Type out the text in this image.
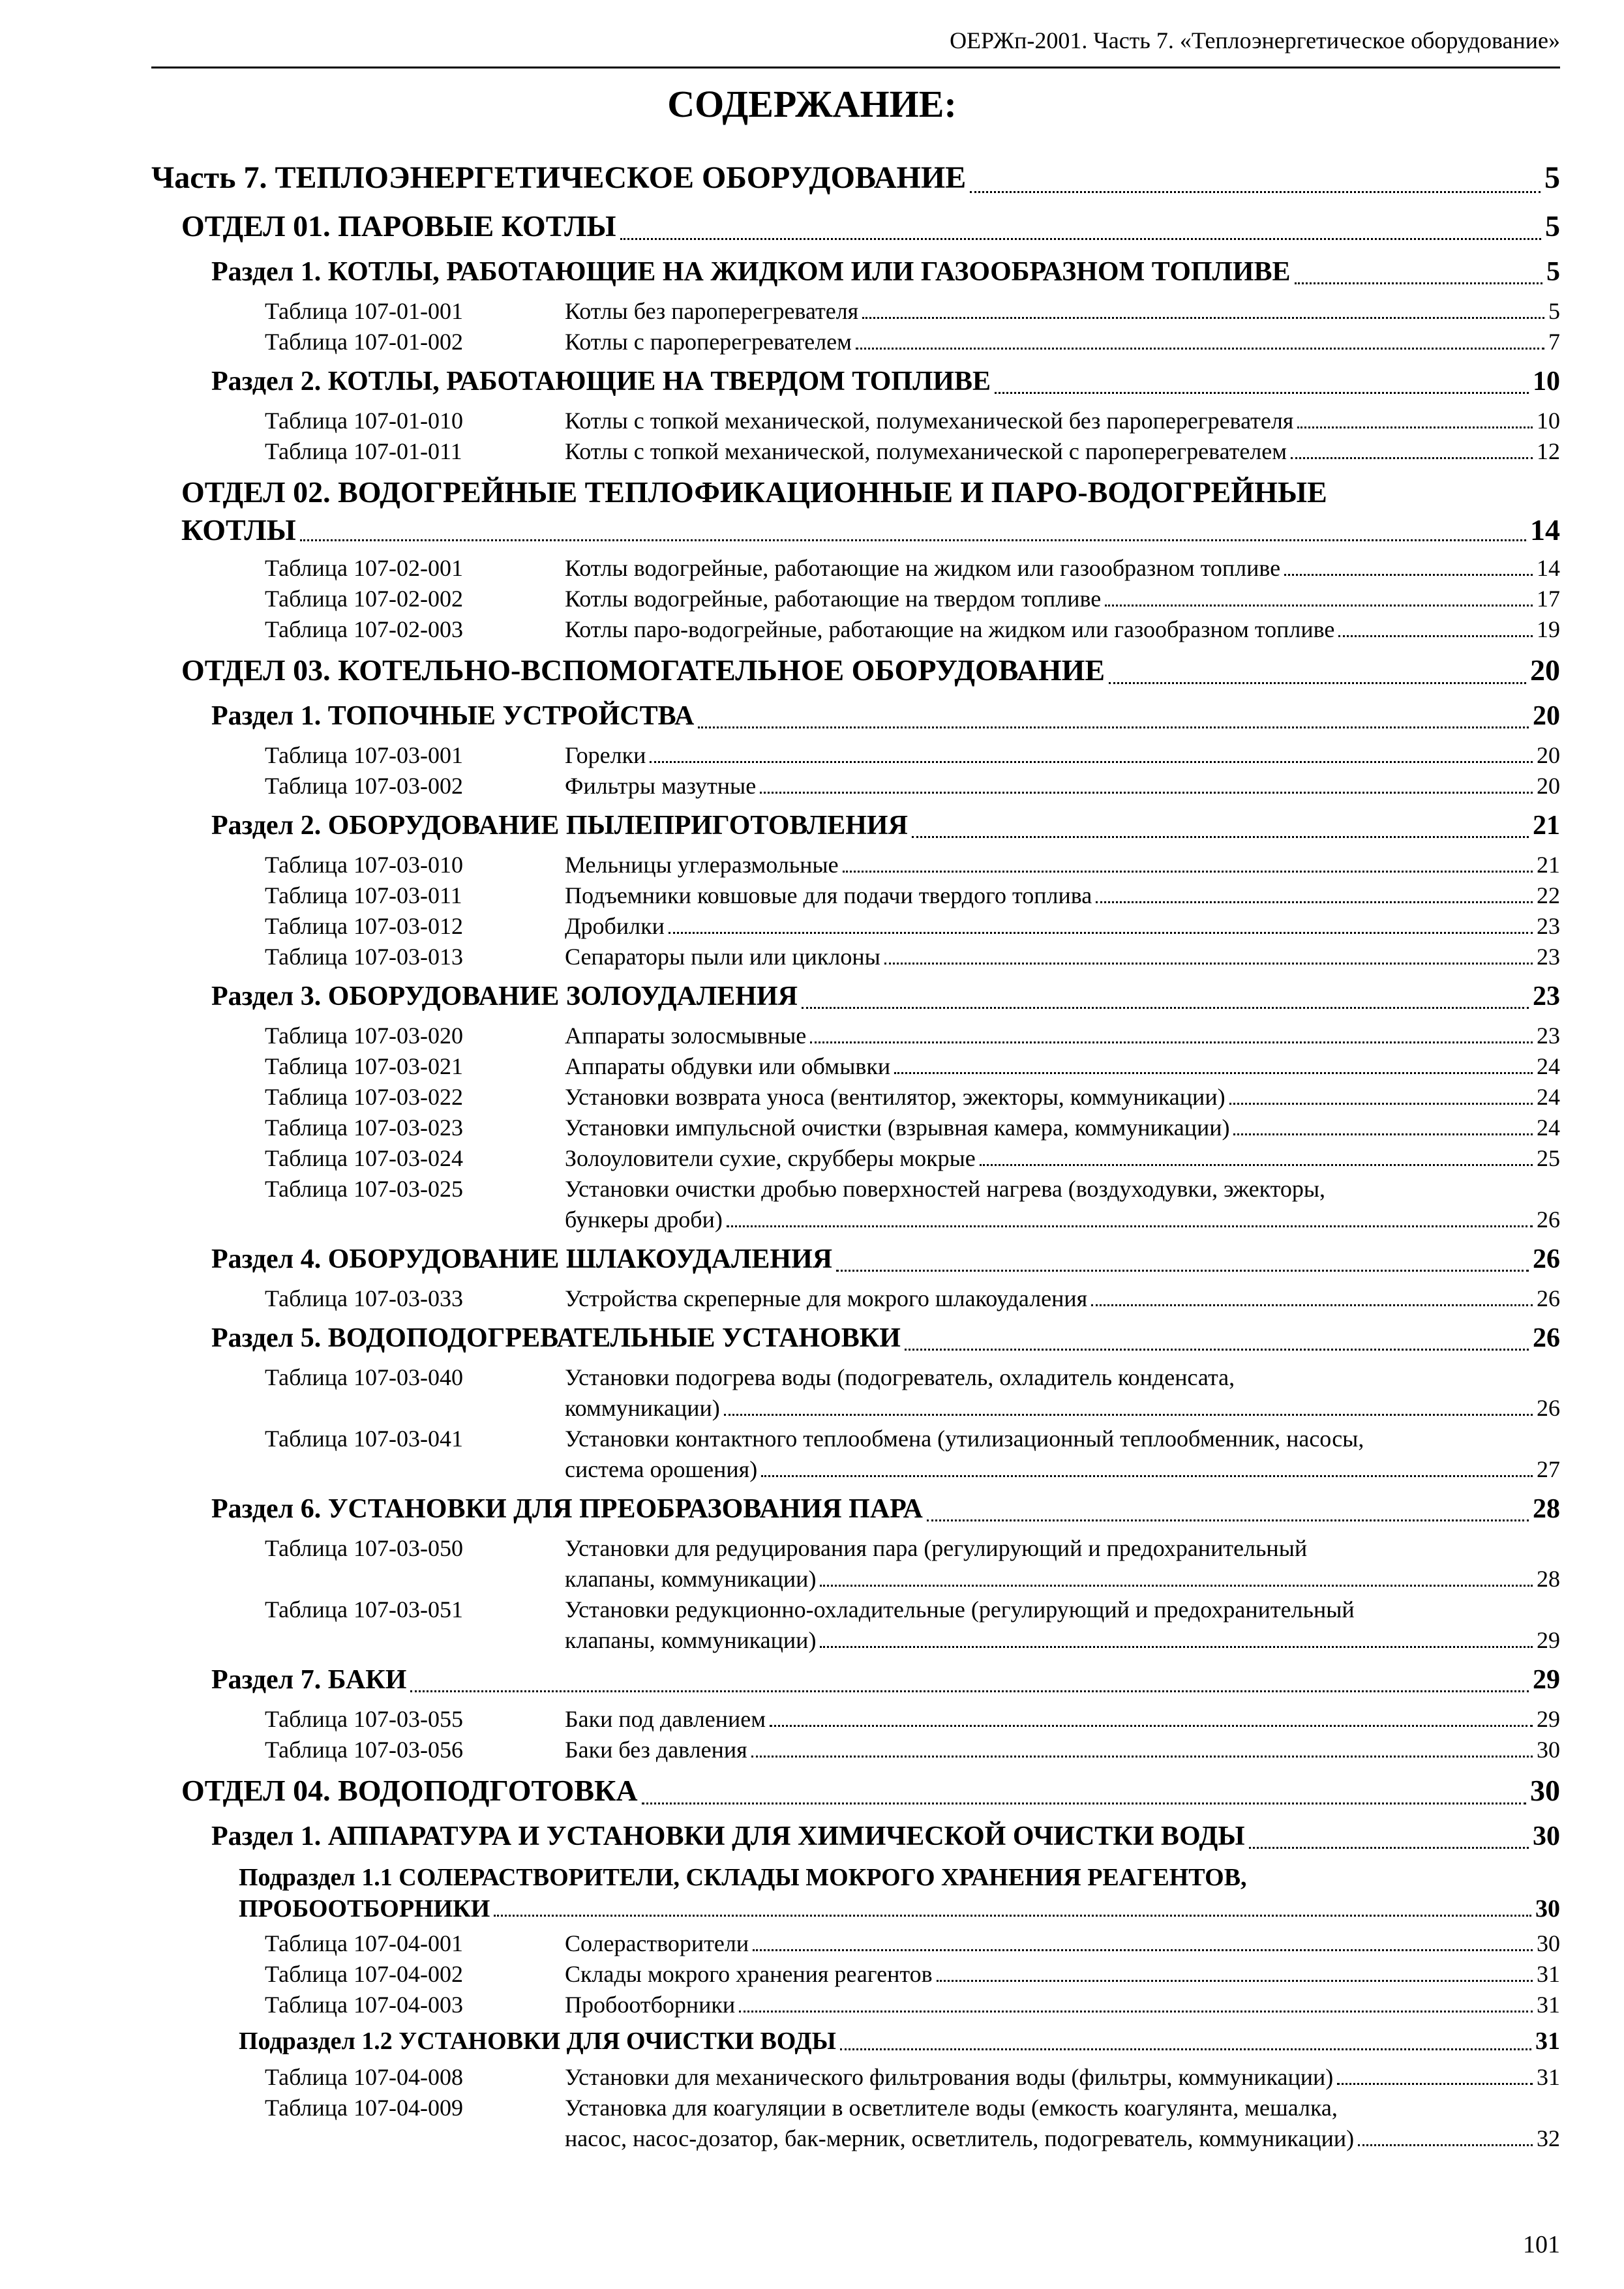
ОЕРЖп-2001. Часть 7. «Теплоэнергетическое оборудование»
СОДЕРЖАНИЕ:
Часть 7. ТЕПЛОЭНЕРГЕТИЧЕСКОЕ ОБОРУДОВАНИЕ	5
ОТДЕЛ 01. ПАРОВЫЕ КОТЛЫ	5
Раздел 1. КОТЛЫ, РАБОТАЮЩИЕ НА ЖИДКОМ ИЛИ ГАЗООБРАЗНОМ ТОПЛИВЕ	5
Таблица 107-01-001	Котлы без пароперегревателя	5
Таблица 107-01-002	Котлы с пароперегревателем	7
Раздел 2. КОТЛЫ, РАБОТАЮЩИЕ НА ТВЕРДОМ ТОПЛИВЕ	10
Таблица 107-01-010	Котлы с топкой механической, полумеханической без пароперегревателя	10
Таблица 107-01-011	Котлы с топкой механической, полумеханической с пароперегревателем	12
ОТДЕЛ 02. ВОДОГРЕЙНЫЕ ТЕПЛОФИКАЦИОННЫЕ И ПАРО-ВОДОГРЕЙНЫЕ
КОТЛЫ	14
Таблица 107-02-001	Котлы водогрейные, работающие на жидком или газообразном топливе	14
Таблица 107-02-002	Котлы водогрейные, работающие на твердом топливе	17
Таблица 107-02-003	Котлы паро-водогрейные, работающие на жидком или газообразном топливе	19
ОТДЕЛ 03. КОТЕЛЬНО-ВСПОМОГАТЕЛЬНОЕ ОБОРУДОВАНИЕ	20
Раздел 1. ТОПОЧНЫЕ УСТРОЙСТВА	20
Таблица 107-03-001	Горелки	20
Таблица 107-03-002	Фильтры мазутные	20
Раздел 2. ОБОРУДОВАНИЕ ПЫЛЕПРИГОТОВЛЕНИЯ	21
Таблица 107-03-010	Мельницы углеразмольные	21
Таблица 107-03-011	Подъемники ковшовые для подачи твердого топлива	22
Таблица 107-03-012	Дробилки	23
Таблица 107-03-013	Сепараторы пыли или циклоны	23
Раздел 3. ОБОРУДОВАНИЕ ЗОЛОУДАЛЕНИЯ	23
Таблица 107-03-020	Аппараты золосмывные	23
Таблица 107-03-021	Аппараты обдувки или обмывки	24
Таблица 107-03-022	Установки возврата уноса (вентилятор, эжекторы, коммуникации)	24
Таблица 107-03-023	Установки импульсной очистки (взрывная камера, коммуникации)	24
Таблица 107-03-024	Золоуловители сухие, скрубберы мокрые	25
Таблица 107-03-025	Установки очистки дробью поверхностей нагрева (воздуходувки, эжекторы,
бункеры дроби)	26
Раздел 4. ОБОРУДОВАНИЕ ШЛАКОУДАЛЕНИЯ	26
Таблица 107-03-033	Устройства скреперные для мокрого шлакоудаления	26
Раздел 5. ВОДОПОДОГРЕВАТЕЛЬНЫЕ УСТАНОВКИ	26
Таблица 107-03-040	Установки подогрева воды (подогреватель, охладитель конденсата,
коммуникации)	26
Таблица 107-03-041	Установки контактного теплообмена (утилизационный теплообменник, насосы,
система орошения)	27
Раздел 6. УСТАНОВКИ ДЛЯ ПРЕОБРАЗОВАНИЯ ПАРА	28
Таблица 107-03-050	Установки для редуцирования пара (регулирующий и предохранительный
клапаны, коммуникации)	28
Таблица 107-03-051	Установки редукционно-охладительные (регулирующий и предохранительный
клапаны, коммуникации)	29
Раздел 7. БАКИ	29
Таблица 107-03-055	Баки под давлением	29
Таблица 107-03-056	Баки без давления	30
ОТДЕЛ 04. ВОДОПОДГОТОВКА	30
Раздел 1. АППАРАТУРА И УСТАНОВКИ ДЛЯ ХИМИЧЕСКОЙ ОЧИСТКИ ВОДЫ	30
Подраздел 1.1 СОЛЕРАСТВОРИТЕЛИ, СКЛАДЫ МОКРОГО ХРАНЕНИЯ РЕАГЕНТОВ,
ПРОБООТБОРНИКИ	30
Таблица 107-04-001	Солерастворители	30
Таблица 107-04-002	Склады мокрого хранения реагентов	31
Таблица 107-04-003	Пробоотборники	31
Подраздел 1.2 УСТАНОВКИ ДЛЯ ОЧИСТКИ ВОДЫ	31
Таблица 107-04-008	Установки для механического фильтрования воды (фильтры, коммуникации)	31
Таблица 107-04-009	Установка для коагуляции в осветлителе воды (емкость коагулянта, мешалка,
насос, насос-дозатор, бак-мерник, осветлитель, подогреватель, коммуникации)	32
101
